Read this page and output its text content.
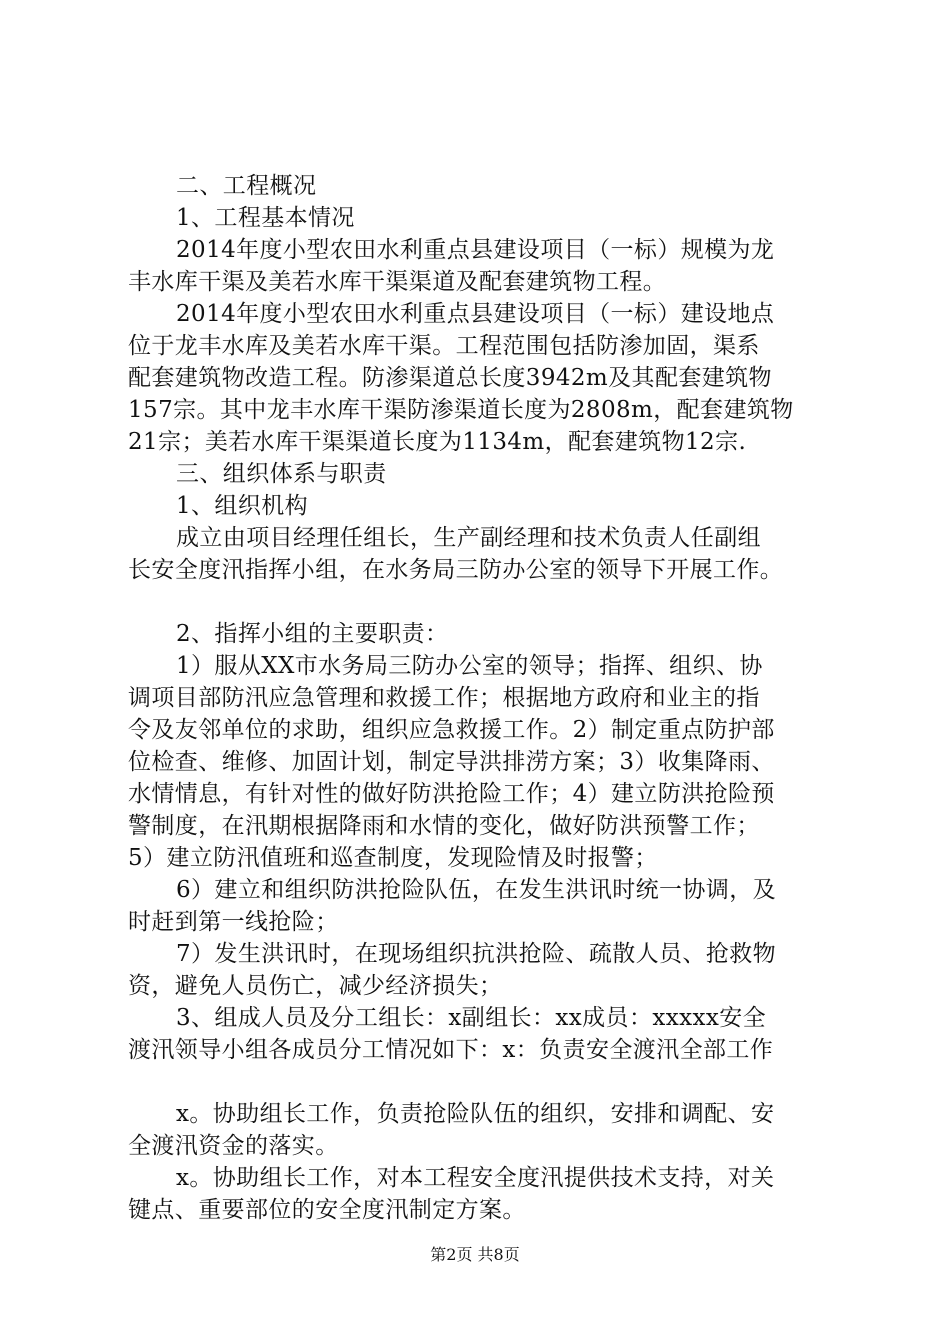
二、工程概况
1、工程基本情况
2014年度小型农田水利重点县建设项目（一标）规模为龙
丰水库干渠及美若水库干渠渠道及配套建筑物工程。
2014年度小型农田水利重点县建设项目（一标）建设地点
位于龙丰水库及美若水库干渠。工程范围包括防渗加固，渠系
配套建筑物改造工程。防渗渠道总长度3942m及其配套建筑物
157宗。其中龙丰水库干渠防渗渠道长度为2808m，配套建筑物
21宗；美若水库干渠渠道长度为1134m，配套建筑物12宗.
三、组织体系与职责
1、组织机构
成立由项目经理任组长，生产副经理和技术负责人任副组
长安全度汛指挥小组，在水务局三防办公室的领导下开展工作。
2、指挥小组的主要职责：
1）服从XX市水务局三防办公室的领导；指挥、组织、协
调项目部防汛应急管理和救援工作；根据地方政府和业主的指
令及友邻单位的求助，组织应急救援工作。2）制定重点防护部
位检查、维修、加固计划，制定导洪排涝方案；3）收集降雨、
水情情息，有针对性的做好防洪抢险工作；4）建立防洪抢险预
警制度，在汛期根据降雨和水情的变化，做好防洪预警工作；
5）建立防汛值班和巡查制度，发现险情及时报警；
6）建立和组织防洪抢险队伍，在发生洪讯时统一协调，及
时赶到第一线抢险；
7）发生洪讯时，在现场组织抗洪抢险、疏散人员、抢救物
资，避免人员伤亡，减少经济损失；
3、组成人员及分工组长：x副组长：xx成员：xxxxx安全
渡汛领导小组各成员分工情况如下：x：负责安全渡汛全部工作
x。协助组长工作，负责抢险队伍的组织，安排和调配、安
全渡汛资金的落实。
x。协助组长工作，对本工程安全度汛提供技术支持，对关
键点、重要部位的安全度汛制定方案。
第2页 共8页
